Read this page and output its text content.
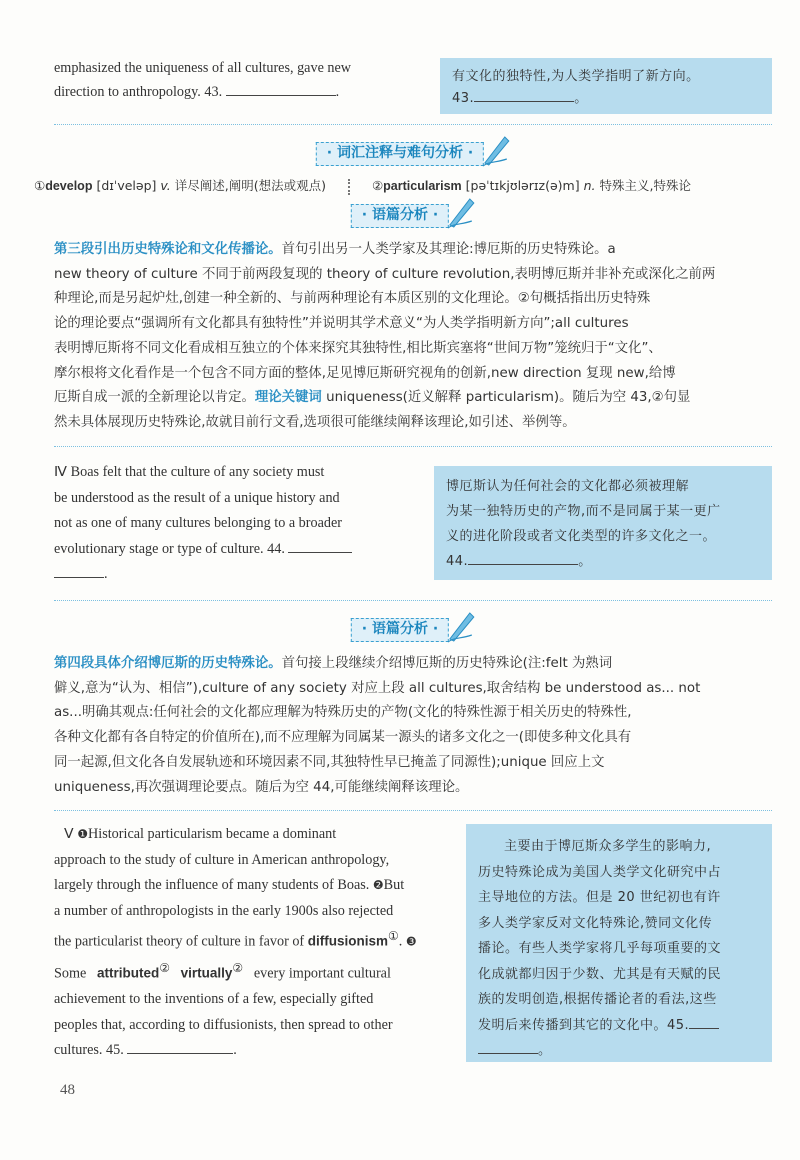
emphasized the uniqueness of all cultures, gave new
direction to anthropology. 43.	.
有文化的独特性,为人类学指明了新方向。
43.	。
· 词汇注释与难句分析 ·
①develop [dɪˈveləp] v. 详尽阐述,阐明(想法或观点)	②particularism [pəˈtɪkjʊlərɪz(ə)m] n. 特殊主义,特殊论
· 语篇分析 ·
第三段引出历史特殊论和文化传播论。首句引出另一人类学家及其理论:博厄斯的历史特殊论。a
new theory of culture 不同于前两段复现的 theory of culture revolution,表明博厄斯并非补充或深化之前两
种理论,而是另起炉灶,创建一种全新的、与前两种理论有本质区别的文化理论。②句概括指出历史特殊
论的理论要点“强调所有文化都具有独特性”并说明其学术意义“为人类学指明新方向”;all cultures
表明博厄斯将不同文化看成相互独立的个体来探究其独特性,相比斯宾塞将“世间万物”笼统归于“文化”、
摩尔根将文化看作是一个包含不同方面的整体,足见博厄斯研究视角的创新,new direction 复现 new,给博
厄斯自成一派的全新理论以肯定。理论关键词 uniqueness(近义解释 particularism)。随后为空 43,②句显
然未具体展现历史特殊论,故就目前行文看,选项很可能继续阐释该理论,如引述、举例等。
Ⅳ Boas felt that the culture of any society must
be understood as the result of a unique history and
not as one of many cultures belonging to a broader
evolutionary stage or type of culture. 44.
.
博厄斯认为任何社会的文化都必须被理解
为某一独特历史的产物,而不是同属于某一更广
义的进化阶段或者文化类型的许多文化之一。
44.	。
· 语篇分析 ·
第四段具体介绍博厄斯的历史特殊论。首句接上段继续介绍博厄斯的历史特殊论(注:felt 为熟词
僻义,意为“认为、相信”),culture of any society 对应上段 all cultures,取舍结构 be understood as... not
as...明确其观点:任何社会的文化都应理解为特殊历史的产物(文化的特殊性源于相关历史的特殊性,
各种文化都有各自特定的价值所在),而不应理解为同属某一源头的诸多文化之一(即使多种文化具有
同一起源,但文化各自发展轨迹和环境因素不同,其独特性早已掩盖了同源性);unique 回应上文
uniqueness,再次强调理论要点。随后为空 44,可能继续阐释该理论。
Ⅴ ❶Historical particularism became a dominant
approach to the study of culture in American anthropology,
largely through the influence of many students of Boas. ❷But
a number of anthropologists in the early 1900s also rejected
the particularist theory of culture in favor of diffusionism①. ❸
Some attributed② virtually② every important cultural
achievement to the inventions of a few, especially gifted
peoples that, according to diffusionists, then spread to other
cultures. 45.	.
主要由于博厄斯众多学生的影响力,
历史特殊论成为美国人类学文化研究中占
主导地位的方法。但是 20 世纪初也有许
多人类学家反对文化特殊论,赞同文化传
播论。有些人类学家将几乎每项重要的文
化成就都归因于少数、尤其是有天赋的民
族的发明创造,根据传播论者的看法,这些
发明后来传播到其它的文化中。45.
。
48
